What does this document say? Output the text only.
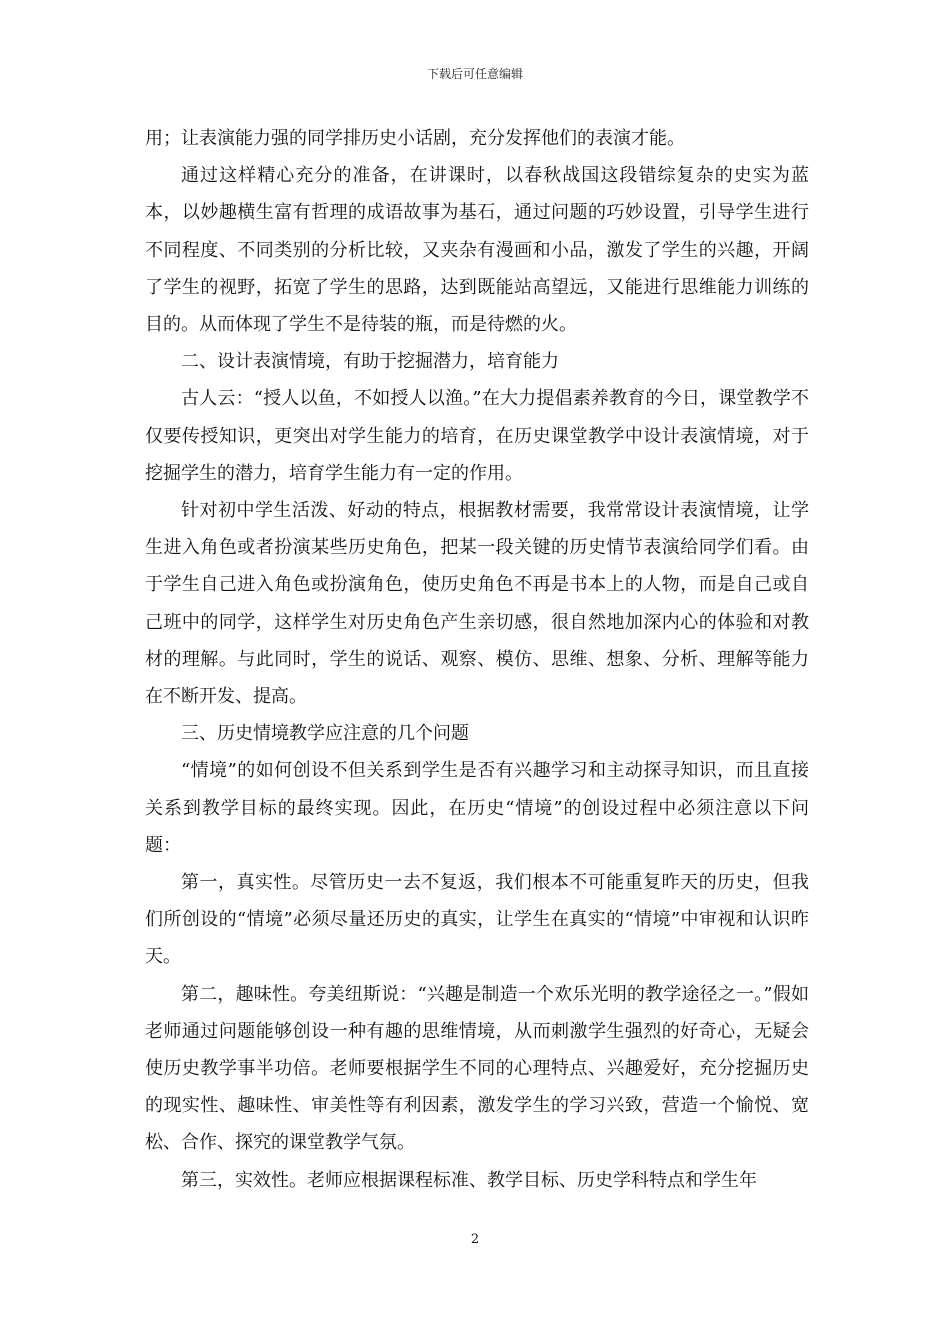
下载后可任意编辑

用；让表演能力强的同学排历史小话剧，充分发挥他们的表演才能。

通过这样精心充分的准备，在讲课时，以春秋战国这段错综复杂的史实为蓝本，以妙趣横生富有哲理的成语故事为基石，通过问题的巧妙设置，引导学生进行不同程度、不同类别的分析比较，又夹杂有漫画和小品，激发了学生的兴趣，开阔了学生的视野，拓宽了学生的思路，达到既能站高望远，又能进行思维能力训练的目的。从而体现了学生不是待装的瓶，而是待燃的火。

二、设计表演情境，有助于挖掘潜力，培育能力

古人云：“授人以鱼，不如授人以渔。”在大力提倡素养教育的今日，课堂教学不仅要传授知识，更突出对学生能力的培育，在历史课堂教学中设计表演情境，对于挖掘学生的潜力，培育学生能力有一定的作用。

针对初中学生活泼、好动的特点，根据教材需要，我常常设计表演情境，让学生进入角色或者扮演某些历史角色，把某一段关键的历史情节表演给同学们看。由于学生自己进入角色或扮演角色，使历史角色不再是书本上的人物，而是自己或自己班中的同学，这样学生对历史角色产生亲切感，很自然地加深内心的体验和对教材的理解。与此同时，学生的说话、观察、模仿、思维、想象、分析、理解等能力在不断开发、提高。

三、历史情境教学应注意的几个问题

“情境”的如何创设不但关系到学生是否有兴趣学习和主动探寻知识，而且直接关系到教学目标的最终实现。因此，在历史“情境”的创设过程中必须注意以下问题：

第一，真实性。尽管历史一去不复返，我们根本不可能重复昨天的历史，但我们所创设的“情境”必须尽量还历史的真实，让学生在真实的“情境”中审视和认识昨天。

第二，趣味性。夸美纽斯说：“兴趣是制造一个欢乐光明的教学途径之一。”假如老师通过问题能够创设一种有趣的思维情境，从而刺激学生强烈的好奇心，无疑会使历史教学事半功倍。老师要根据学生不同的心理特点、兴趣爱好，充分挖掘历史的现实性、趣味性、审美性等有利因素，激发学生的学习兴致，营造一个愉悦、宽松、合作、探究的课堂教学气氛。

第三，实效性。老师应根据课程标准、教学目标、历史学科特点和学生年

2
